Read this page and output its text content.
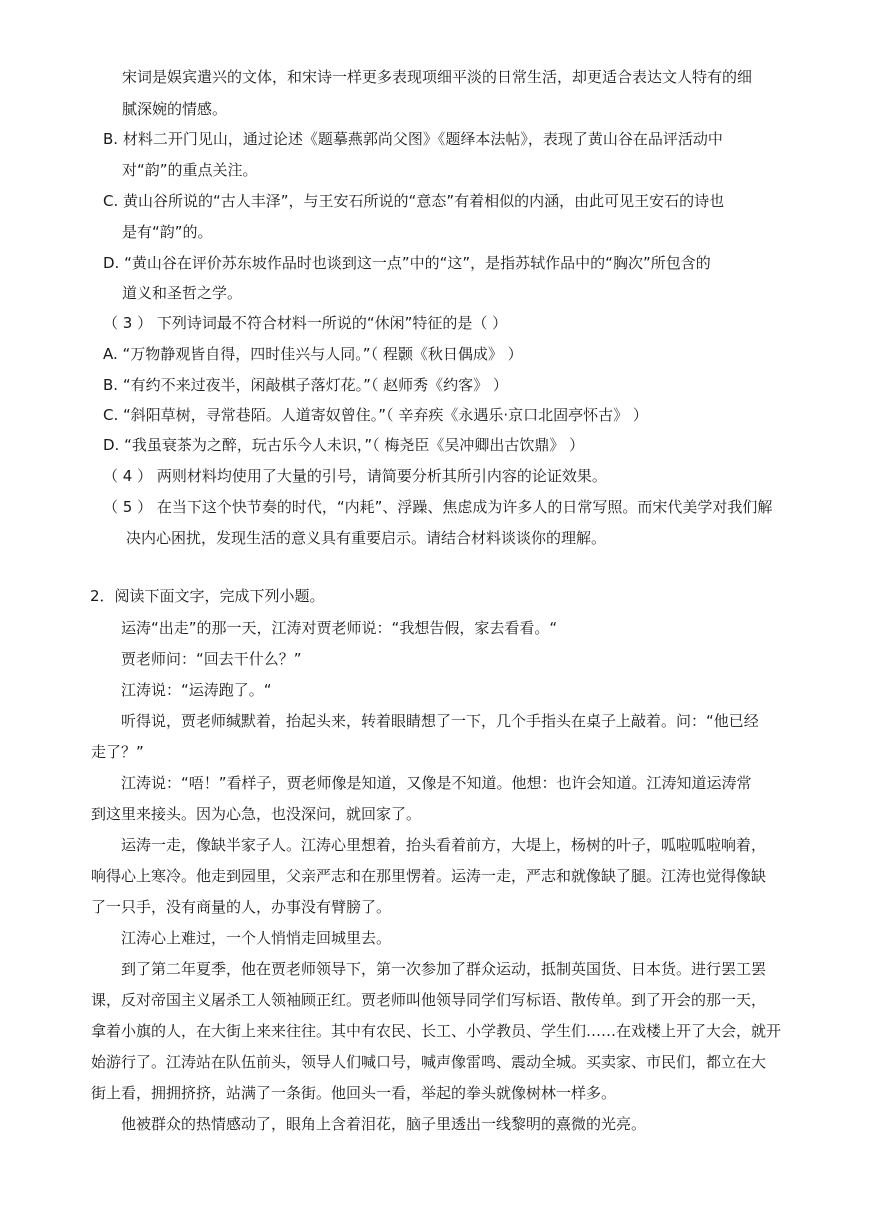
宋词是娱宾遣兴的文体，和宋诗一样更多表现项细平淡的日常生活，却更适合表达文人特有的细
腻深婉的情感。
B. 材料二开门见山，通过论述《题摹燕郭尚父图》《题绎本法帖》，表现了黄山谷在品评活动中
对“韵”的重点关注。
C. 黄山谷所说的“古人丰泽”，与王安石所说的“意态”有着相似的内涵，由此可见王安石的诗也
是有“韵”的。
D. “黄山谷在评价苏东坡作品时也谈到这一点”中的“这”，是指苏轼作品中的“胸次”所包含的
道义和圣哲之学。
（ 3 ） 下列诗词最不符合材料一所说的“休闲”特征的是（ ）
A. “万物静观皆自得，四时佳兴与人同。”（ 程颢《秋日偶成》 ）
B. “有约不来过夜半，闲敲棋子落灯花。”（ 赵师秀《约客》 ）
C. “斜阳草树，寻常巷陌。人道寄奴曾住。”（ 辛弃疾《永遇乐·京口北固亭怀古》 ）
D. “我虽衰茶为之醉，玩古乐今人未识，”（ 梅尧臣《吴冲卿出古饮鼎》 ）
（ 4 ） 两则材料均使用了大量的引号，请简要分析其所引内容的论证效果。
（ 5 ） 在当下这个快节奏的时代，“内耗”、浮躁、焦虑成为许多人的日常写照。而宋代美学对我们解
决内心困扰，发现生活的意义具有重要启示。请结合材料谈谈你的理解。
2．阅读下面文字，完成下列小题。
运涛“出走”的那一天，江涛对贾老师说：“我想告假，家去看看。“
贾老师问：“回去干什么？”
江涛说：“运涛跑了。“
听得说，贾老师缄默着，抬起头来，转着眼睛想了一下，几个手指头在桌子上敲着。问：“他已经
走了？”
江涛说：“唔！”看样子，贾老师像是知道，又像是不知道。他想：也许会知道。江涛知道运涛常
到这里来接头。因为心急，也没深问，就回家了。
运涛一走，像缺半家子人。江涛心里想着，抬头看着前方，大堤上，杨树的叶子，呱啦呱啦响着，
响得心上寒冷。他走到园里，父亲严志和在那里愣着。运涛一走，严志和就像缺了腿。江涛也觉得像缺
了一只手，没有商量的人，办事没有臂膀了。
江涛心上难过，一个人悄悄走回城里去。
到了第二年夏季，他在贾老师领导下，第一次参加了群众运动，抵制英国货、日本货。进行罢工罢
课，反对帝国主义屠杀工人领袖顾正红。贾老师叫他领导同学们写标语、散传单。到了开会的那一天，
拿着小旗的人，在大街上来来往往。其中有农民、长工、小学教员、学生们……在戏楼上开了大会，就开
始游行了。江涛站在队伍前头，领导人们喊口号，喊声像雷鸣、震动全城。买卖家、市民们，都立在大
街上看，拥拥挤挤，站满了一条街。他回头一看，举起的拳头就像树林一样多。
他被群众的热情感动了，眼角上含着泪花，脑子里透出一线黎明的熹微的光亮。
